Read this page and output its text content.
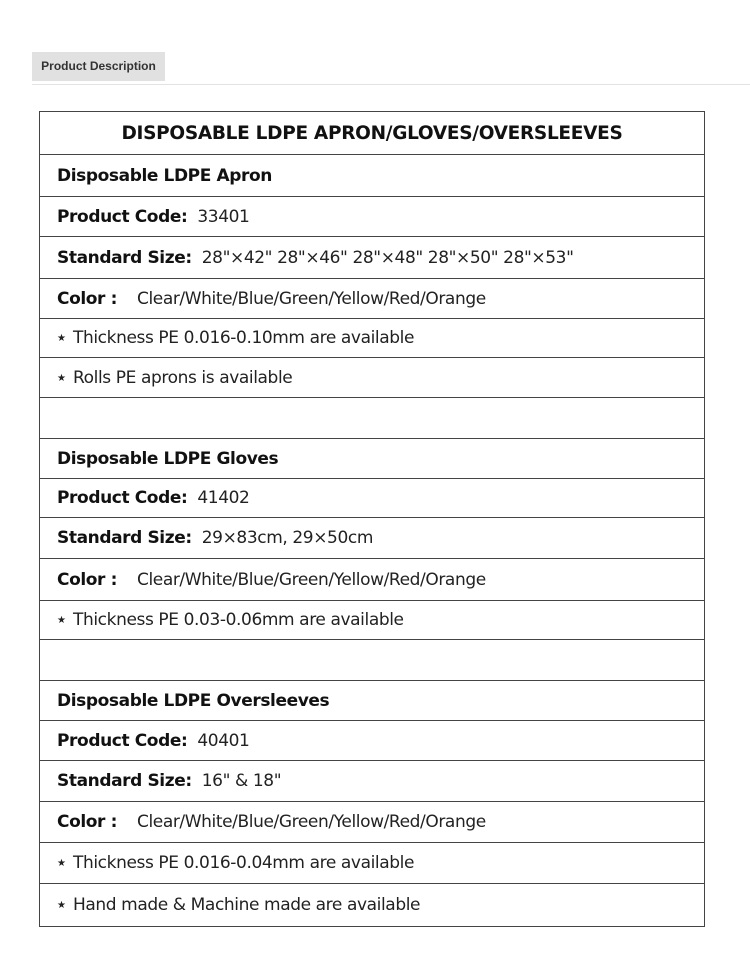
Product Description
DISPOSABLE LDPE APRON/GLOVES/OVERSLEEVES
Disposable LDPE Apron
Product Code: 33401
Standard Size: 28"×42" 28"×46" 28"×48" 28"×50" 28"×53"
Color : Clear/White/Blue/Green/Yellow/Red/Orange
★ Thickness PE 0.016-0.10mm are available
★ Rolls PE aprons is available

Disposable LDPE Gloves
Product Code: 41402
Standard Size: 29×83cm, 29×50cm
Color : Clear/White/Blue/Green/Yellow/Red/Orange
★ Thickness PE 0.03-0.06mm are available

Disposable LDPE Oversleeves
Product Code: 40401
Standard Size: 16" & 18"
Color : Clear/White/Blue/Green/Yellow/Red/Orange
★ Thickness PE 0.016-0.04mm are available
★ Hand made & Machine made are available
